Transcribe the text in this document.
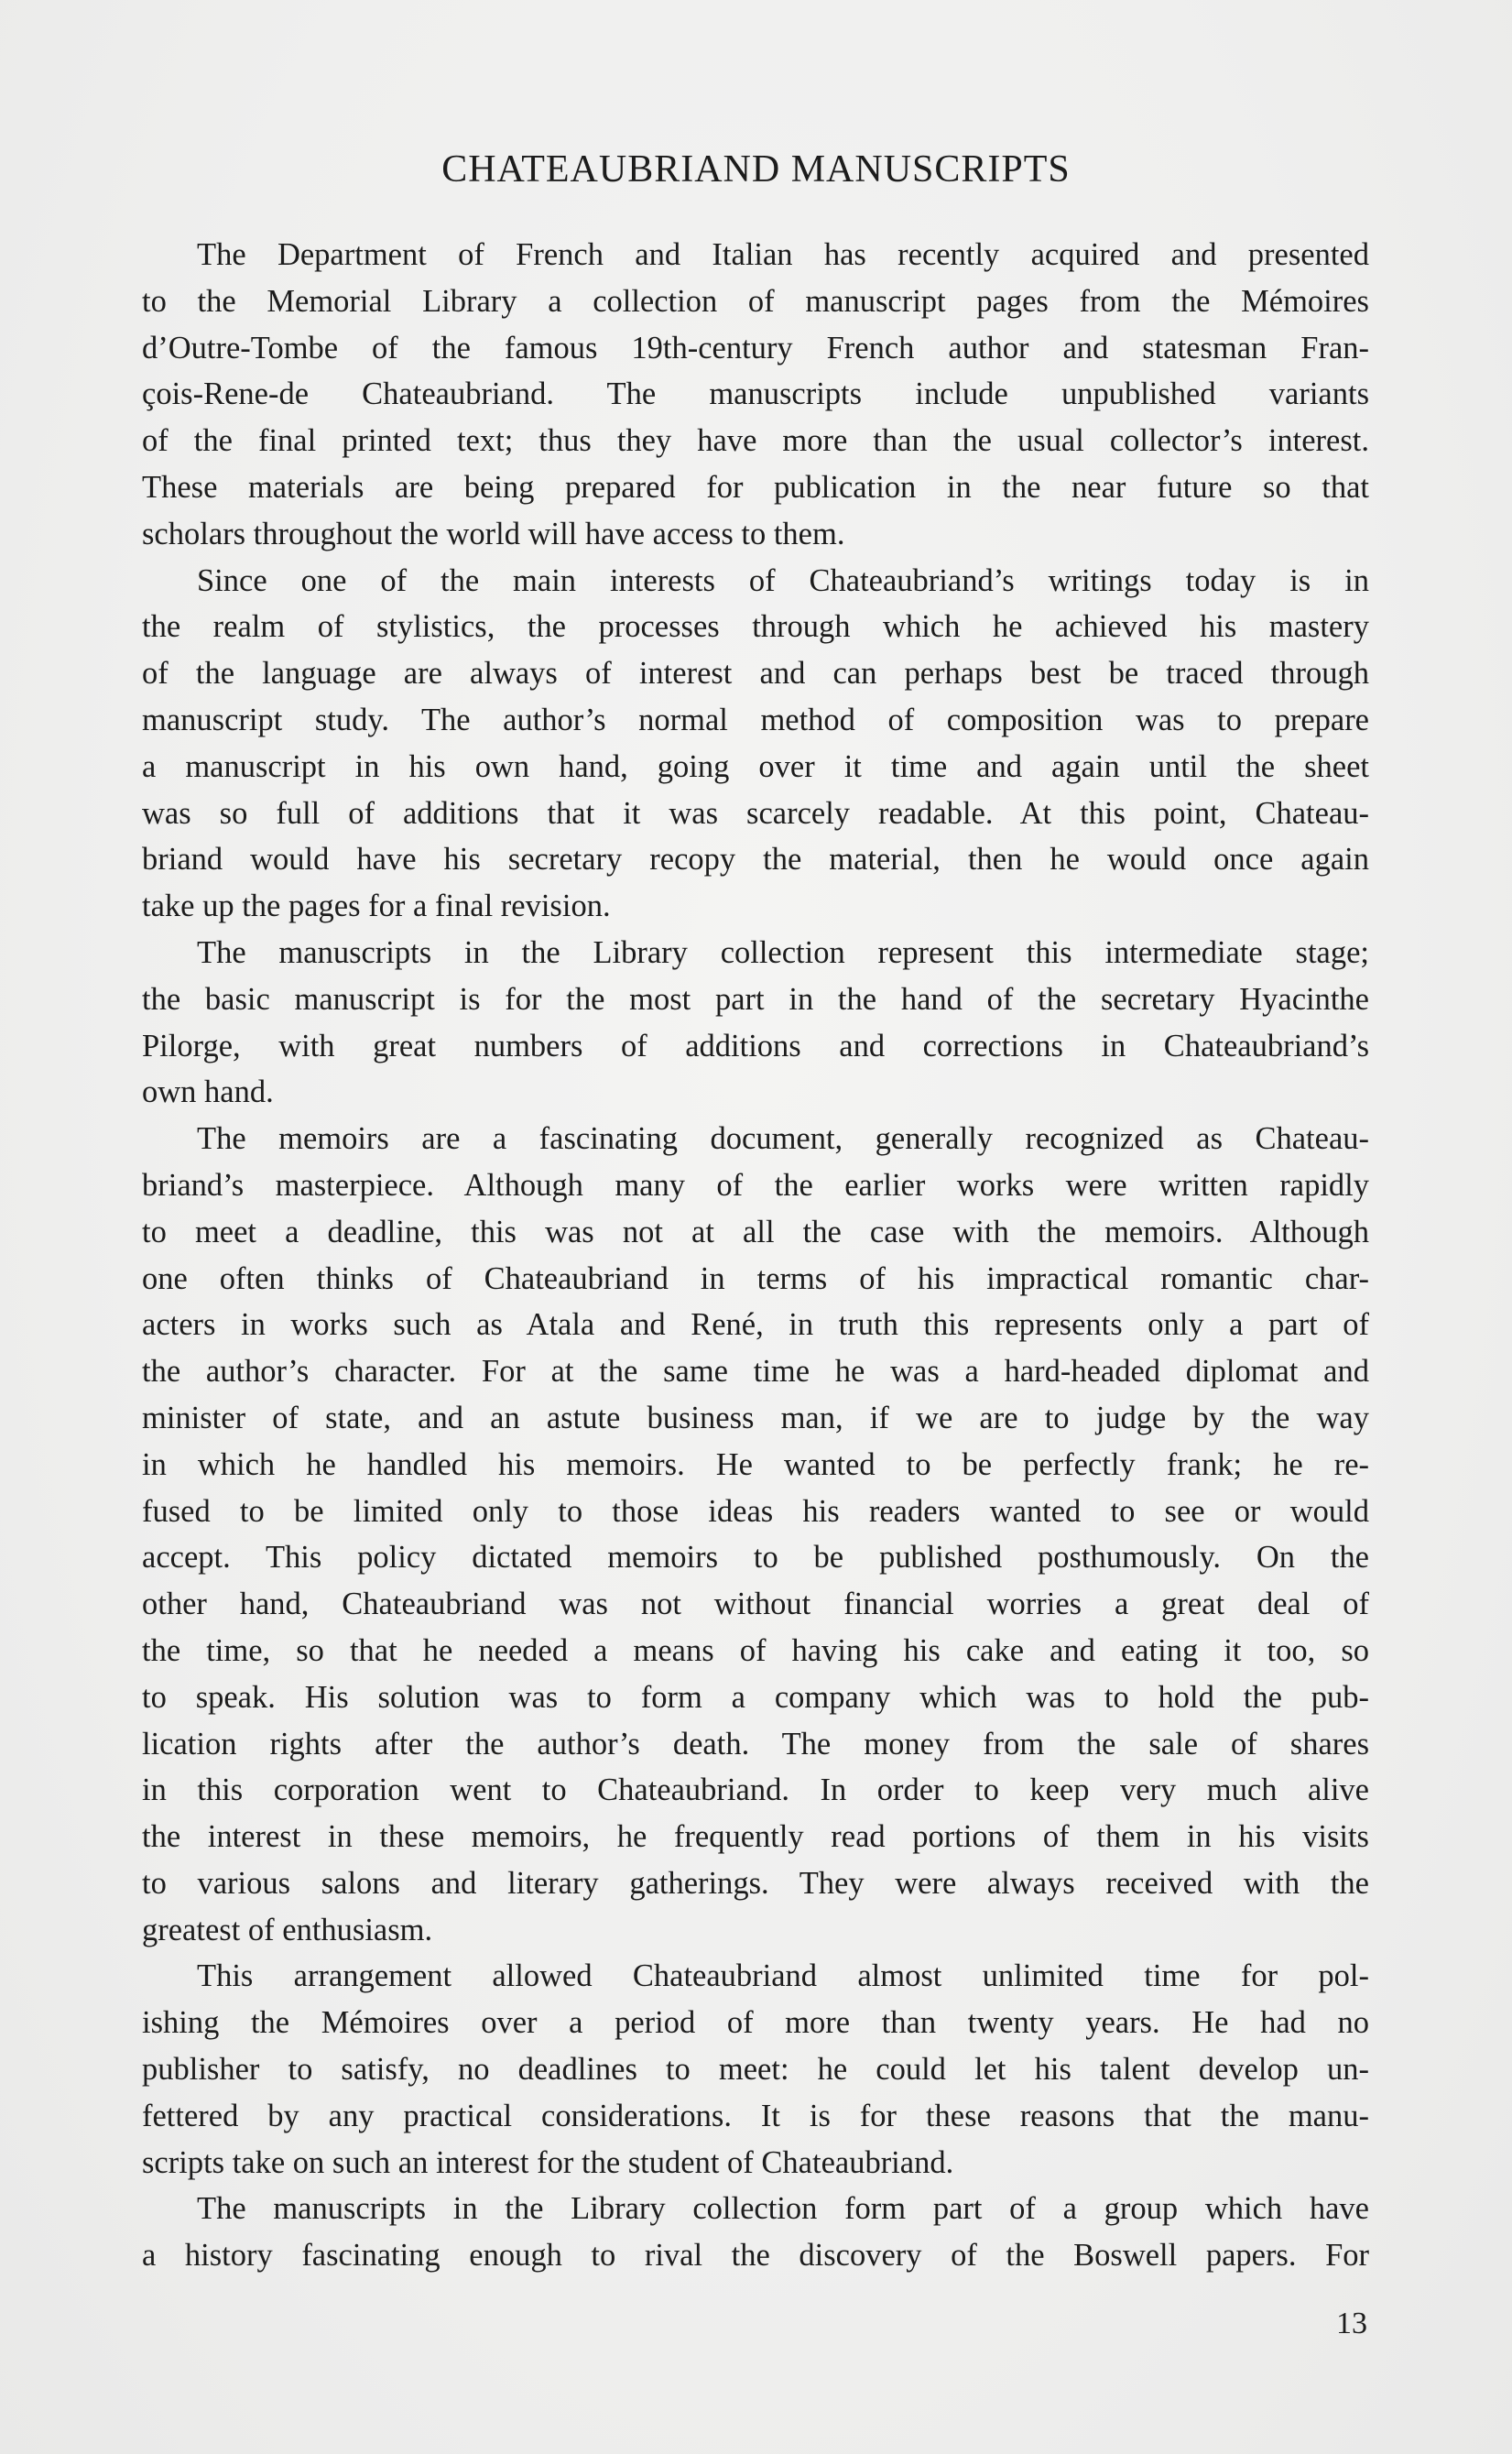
CHATEAUBRIAND MANUSCRIPTS
The Department of French and Italian has recently acquired and presented
to the Memorial Library a collection of manuscript pages from the Mémoires
d’Outre-Tombe of the famous 19th-century French author and statesman Fran-
çois-Rene-de Chateaubriand. The manuscripts include unpublished variants
of the final printed text; thus they have more than the usual collector’s interest.
These materials are being prepared for publication in the near future so that
scholars throughout the world will have access to them.
Since one of the main interests of Chateaubriand’s writings today is in
the realm of stylistics, the processes through which he achieved his mastery
of the language are always of interest and can perhaps best be traced through
manuscript study. The author’s normal method of composition was to prepare
a manuscript in his own hand, going over it time and again until the sheet
was so full of additions that it was scarcely readable. At this point, Chateau-
briand would have his secretary recopy the material, then he would once again
take up the pages for a final revision.
The manuscripts in the Library collection represent this intermediate stage;
the basic manuscript is for the most part in the hand of the secretary Hyacinthe
Pilorge, with great numbers of additions and corrections in Chateaubriand’s
own hand.
The memoirs are a fascinating document, generally recognized as Chateau-
briand’s masterpiece. Although many of the earlier works were written rapidly
to meet a deadline, this was not at all the case with the memoirs. Although
one often thinks of Chateaubriand in terms of his impractical romantic char-
acters in works such as Atala and René, in truth this represents only a part of
the author’s character. For at the same time he was a hard-headed diplomat and
minister of state, and an astute business man, if we are to judge by the way
in which he handled his memoirs. He wanted to be perfectly frank; he re-
fused to be limited only to those ideas his readers wanted to see or would
accept. This policy dictated memoirs to be published posthumously. On the
other hand, Chateaubriand was not without financial worries a great deal of
the time, so that he needed a means of having his cake and eating it too, so
to speak. His solution was to form a company which was to hold the pub-
lication rights after the author’s death. The money from the sale of shares
in this corporation went to Chateaubriand. In order to keep very much alive
the interest in these memoirs, he frequently read portions of them in his visits
to various salons and literary gatherings. They were always received with the
greatest of enthusiasm.
This arrangement allowed Chateaubriand almost unlimited time for pol-
ishing the Mémoires over a period of more than twenty years. He had no
publisher to satisfy, no deadlines to meet: he could let his talent develop un-
fettered by any practical considerations. It is for these reasons that the manu-
scripts take on such an interest for the student of Chateaubriand.
The manuscripts in the Library collection form part of a group which have
a history fascinating enough to rival the discovery of the Boswell papers. For
13
